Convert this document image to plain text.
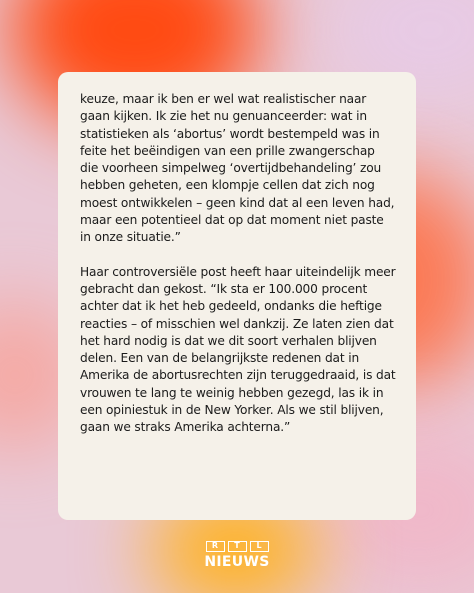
keuze, maar ik ben er wel wat realistischer naar gaan kijken. Ik zie het nu genuanceerder: wat in statistieken als ‘abortus’ wordt bestempeld was in feite het beëindigen van een prille zwangerschap die voorheen simpelweg ‘overtijdbehandeling’ zou hebben geheten, een klompje cellen dat zich nog moest ontwikkelen – geen kind dat al een leven had, maar een potentieel dat op dat moment niet paste in onze situatie.”

Haar controversiële post heeft haar uiteindelijk meer gebracht dan gekost. “Ik sta er 100.000 procent achter dat ik het heb gedeeld, ondanks die heftige reacties – of misschien wel dankzij. Ze laten zien dat het hard nodig is dat we dit soort verhalen blijven delen. Een van de belangrijkste redenen dat in Amerika de abortusrechten zijn teruggedraaid, is dat vrouwen te lang te weinig hebben gezegd, las ik in een opiniestuk in de New Yorker. Als we stil blijven, gaan we straks Amerika achterna.”

R	T	L
NIEUWS
